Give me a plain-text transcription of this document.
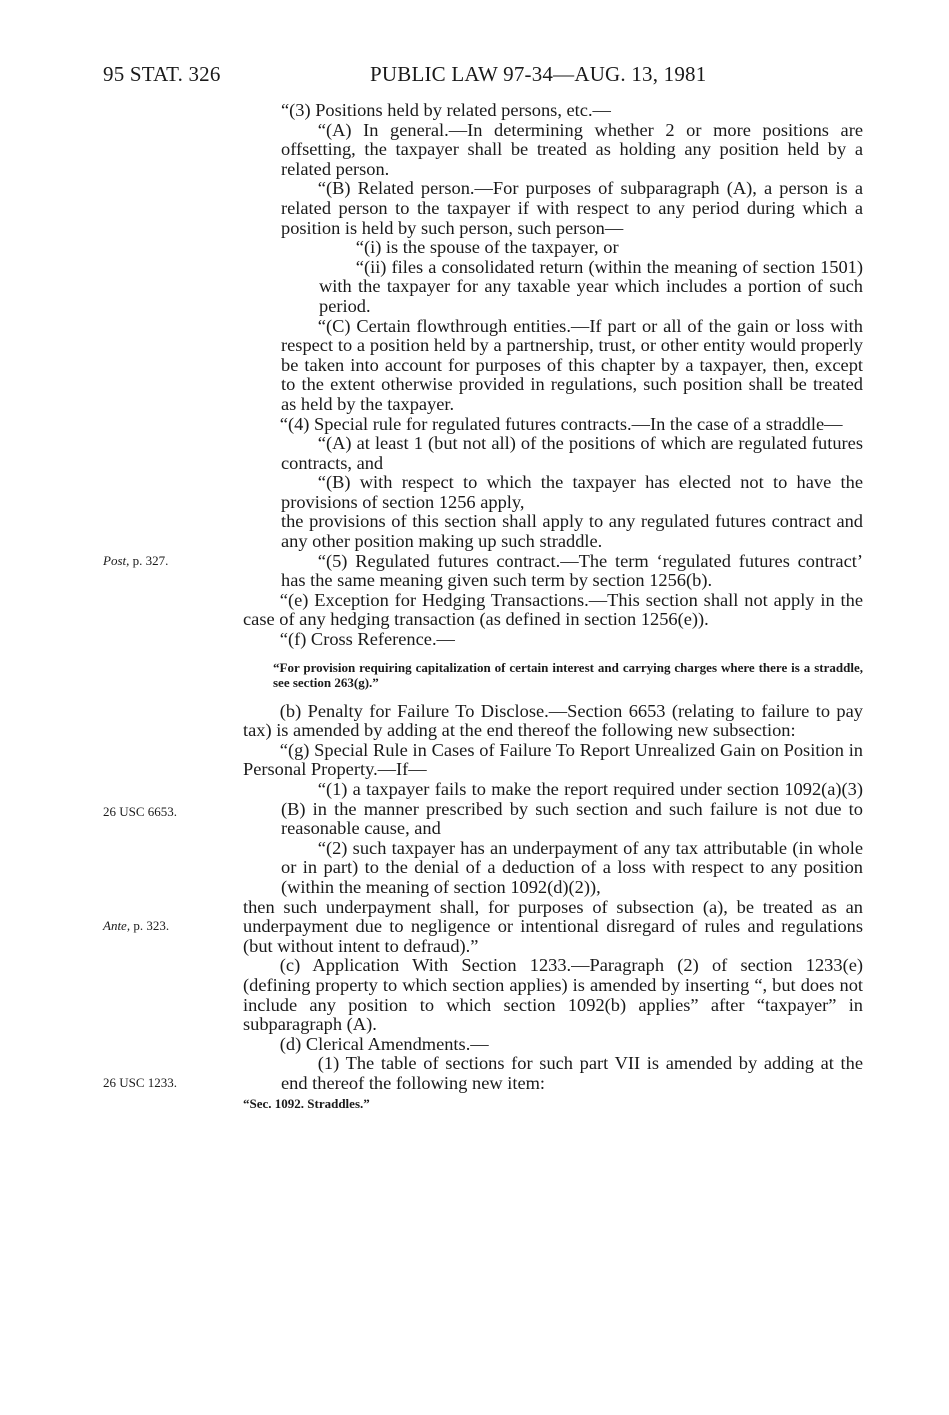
95 STAT. 326	PUBLIC LAW 97-34—AUG. 13, 1981
Post, p. 327.
26 USC 6653.
Ante, p. 323.
26 USC 1233.

“(3) Positions held by related persons, etc.—

“(A) In general.—In determining whether 2 or more positions are offsetting, the taxpayer shall be treated as holding any position held by a related person.

“(B) Related person.—For purposes of subparagraph (A), a person is a related person to the taxpayer if with respect to any period during which a position is held by such person, such person—

“(i) is the spouse of the taxpayer, or

“(ii) files a consolidated return (within the meaning of section 1501) with the taxpayer for any taxable year which includes a portion of such period.

“(C) Certain flowthrough entities.—If part or all of the gain or loss with respect to a position held by a partnership, trust, or other entity would properly be taken into account for purposes of this chapter by a taxpayer, then, except to the extent otherwise provided in regulations, such position shall be treated as held by the taxpayer.

“(4) Special rule for regulated futures contracts.—In the case of a straddle—

“(A) at least 1 (but not all) of the positions of which are regulated futures contracts, and

“(B) with respect to which the taxpayer has elected not to have the provisions of section 1256 apply,

the provisions of this section shall apply to any regulated futures contract and any other position making up such straddle.

“(5) Regulated futures contract.—The term ‘regulated futures contract’ has the same meaning given such term by section 1256(b).

“(e) Exception for Hedging Transactions.—This section shall not apply in the case of any hedging transaction (as defined in section 1256(e)).

“(f) Cross Reference.—

“For provision requiring capitalization of certain interest and carrying charges where there is a straddle, see section 263(g).”

(b) Penalty for Failure To Disclose.—Section 6653 (relating to failure to pay tax) is amended by adding at the end thereof the following new subsection:

“(g) Special Rule in Cases of Failure To Report Unrealized Gain on Position in Personal Property.—If—

“(1) a taxpayer fails to make the report required under section 1092(a)(3)(B) in the manner prescribed by such section and such failure is not due to reasonable cause, and

“(2) such taxpayer has an underpayment of any tax attributable (in whole or in part) to the denial of a deduction of a loss with respect to any position (within the meaning of section 1092(d)(2)),

then such underpayment shall, for purposes of subsection (a), be treated as an underpayment due to negligence or intentional disregard of rules and regulations (but without intent to defraud).”

(c) Application With Section 1233.—Paragraph (2) of section 1233(e) (defining property to which section applies) is amended by inserting “, but does not include any position to which section 1092(b) applies” after “taxpayer” in subparagraph (A).

(d) Clerical Amendments.—

(1) The table of sections for such part VII is amended by adding at the end thereof the following new item:

“Sec. 1092. Straddles.”
